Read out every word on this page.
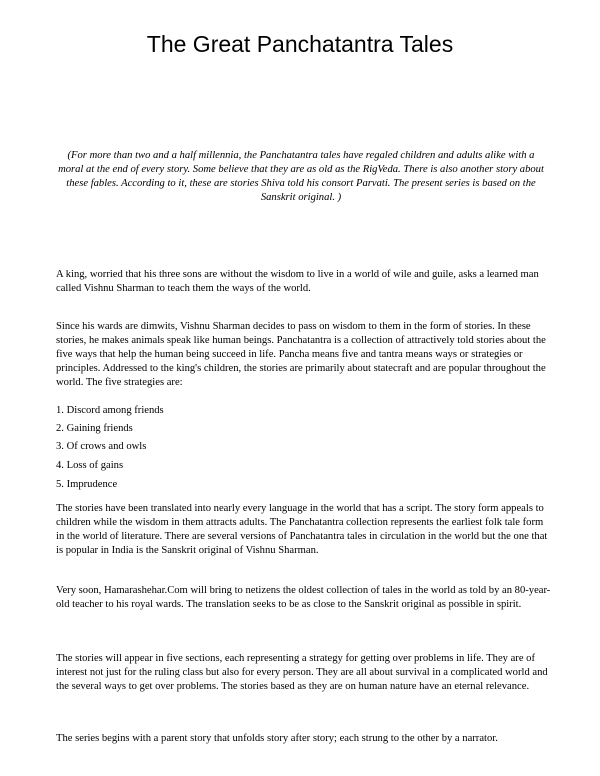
The Great Panchatantra Tales

(For more than two and a half millennia, the Panchatantra tales have regaled children and adults alike with a moral at the end of every story. Some believe that they are as old as the RigVeda. There is also another story about these fables. According to it, these are stories Shiva told his consort Parvati. The present series is based on the Sanskrit original. )

A king, worried that his three sons are without the wisdom to live in a world of wile and guile, asks a learned man called Vishnu Sharman to teach them the ways of the world.

Since his wards are dimwits, Vishnu Sharman decides to pass on wisdom to them in the form of stories. In these stories, he makes animals speak like human beings. Panchatantra is a collection of attractively told stories about the five ways that help the human being succeed in life. Pancha means five and tantra means ways or strategies or principles. Addressed to the king's children, the stories are primarily about statecraft and are popular throughout the world. The five strategies are:

1. Discord among friends
2. Gaining friends
3. Of crows and owls
4. Loss of gains
5. Imprudence

The stories have been translated into nearly every language in the world that has a script. The story form appeals to children while the wisdom in them attracts adults. The Panchatantra collection represents the earliest folk tale form in the world of literature. There are several versions of Panchatantra tales in circulation in the world but the one that is popular in India is the Sanskrit original of Vishnu Sharman.

Very soon, Hamarashehar.Com will bring to netizens the oldest collection of tales in the world as told by an 80-year-old teacher to his royal wards. The translation seeks to be as close to the Sanskrit original as possible in spirit.

The stories will appear in five sections, each representing a strategy for getting over problems in life. They are of interest not just for the ruling class but also for every person. They are all about survival in a complicated world and the several ways to get over problems. The stories based as they are on human nature have an eternal relevance.

The series begins with a parent story that unfolds story after story; each strung to the other by a narrator.
